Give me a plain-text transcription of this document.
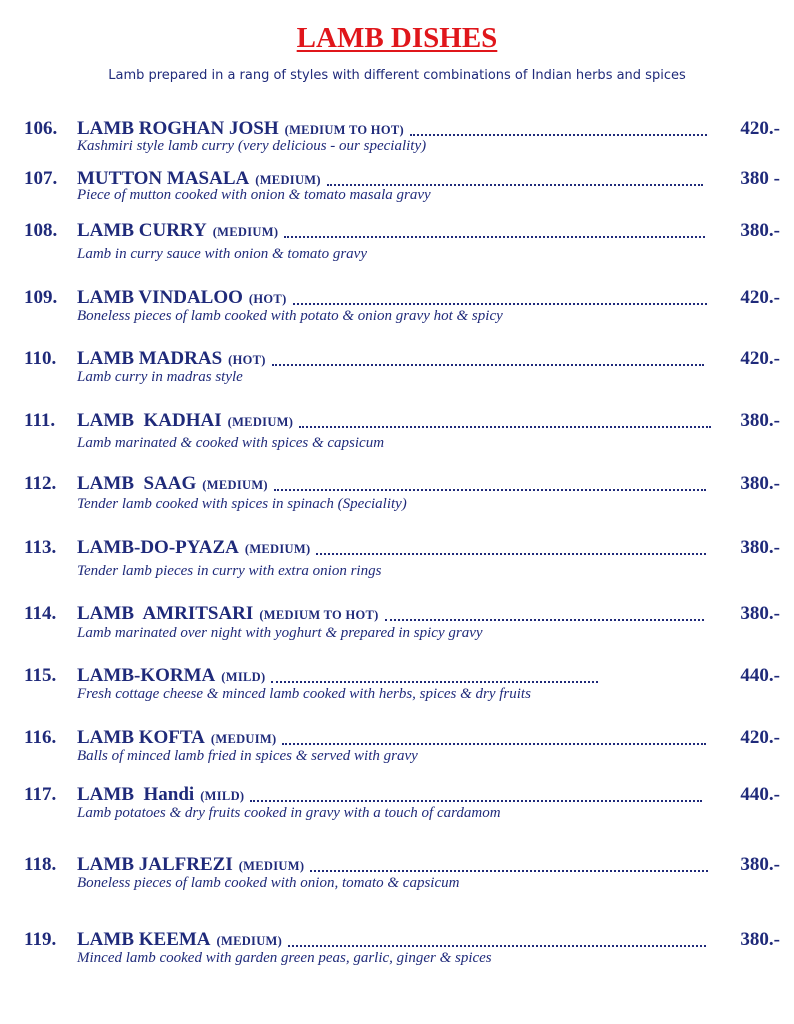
LAMB DISHES
Lamb prepared in a rang of styles with different combinations of Indian herbs and spices
106. LAMB ROGHAN JOSH (MEDIUM TO HOT)	420.-
Kashmiri style lamb curry (very delicious - our speciality)
107. MUTTON MASALA (MEDIUM)	380 -
Piece of mutton cooked with onion & tomato masala gravy
108. LAMB CURRY (MEDIUM)	380.-
Lamb in curry sauce with onion & tomato gravy
109. LAMB VINDALOO (HOT)	420.-
Boneless pieces of lamb cooked with potato & onion gravy hot & spicy
110. LAMB MADRAS (HOT)	420.-
Lamb curry in madras style
111. LAMB  KADHAI (MEDIUM)	380.-
Lamb marinated & cooked with spices & capsicum
112. LAMB  SAAG (MEDIUM)	380.-
Tender lamb cooked with spices in spinach (Speciality)
113. LAMB-DO-PYAZA (MEDIUM)	380.-
Tender lamb pieces in curry with extra onion rings
114. LAMB  AMRITSARI (MEDIUM TO HOT)	380.-
Lamb marinated over night with yoghurt & prepared in spicy gravy
115. LAMB-KORMA (MILD)	440.-
Fresh cottage cheese & minced lamb cooked with herbs, spices & dry fruits
116. LAMB KOFTA (MEDUIM)	420.-
Balls of minced lamb fried in spices & served with gravy
117. LAMB  Handi (MILD)	440.-
Lamb potatoes & dry fruits cooked in gravy with a touch of cardamom
118. LAMB JALFREZI (MEDIUM)	380.-
Boneless pieces of lamb cooked with onion, tomato & capsicum
119. LAMB KEEMA (MEDIUM)	380.-
Minced lamb cooked with garden green peas, garlic, ginger & spices
